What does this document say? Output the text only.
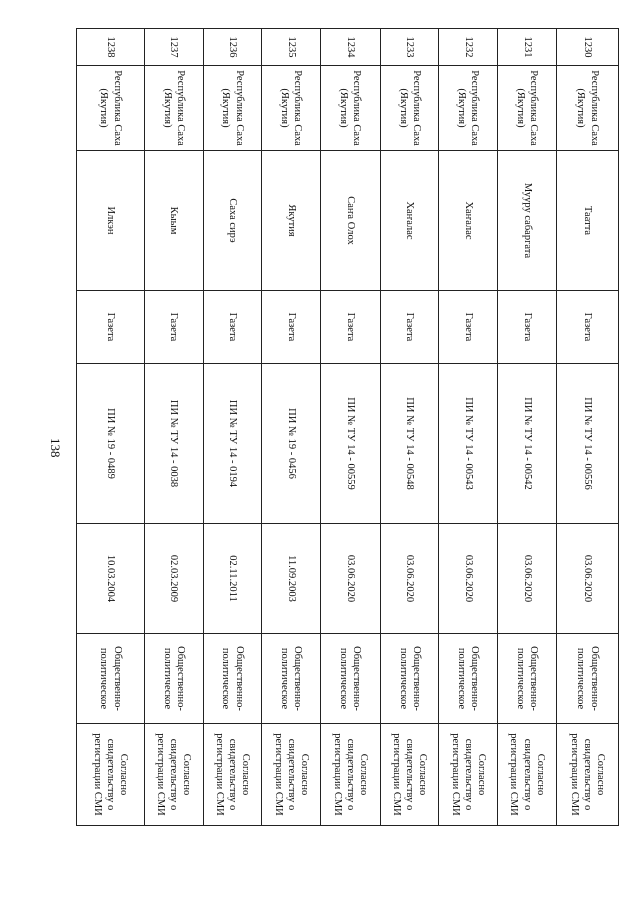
138
1230	Республика Саха (Якутия)	Таатта	Газета	ПИ № ТУ 14 - 00556	03.06.2020	Общественно-политическое	Согласно свидетельству о регистрации СМИ
1231	Республика Саха (Якутия)	Мууру сабаргата	Газета	ПИ № ТУ 14 - 00542	03.06.2020	Общественно-политическое	Согласно свидетельству о регистрации СМИ
1232	Республика Саха (Якутия)	Хаҥалас	Газета	ПИ № ТУ 14 - 00543	03.06.2020	Общественно-политическое	Согласно свидетельству о регистрации СМИ
1233	Республика Саха (Якутия)	Хаҥалас	Газета	ПИ № ТУ 14 - 00548	03.06.2020	Общественно-политическое	Согласно свидетельству о регистрации СМИ
1234	Республика Саха (Якутия)	Саҥа Олох	Газета	ПИ № ТУ 14 - 00559	03.06.2020	Общественно-политическое	Согласно свидетельству о регистрации СМИ
1235	Республика Саха (Якутия)	Якутия	Газета	ПИ № 19 - 0456	11.09.2003	Общественно-политическое	Согласно свидетельству о регистрации СМИ
1236	Республика Саха (Якутия)	Саха сирэ	Газета	ПИ № ТУ 14 - 0194	02.11.2011	Общественно-политическое	Согласно свидетельству о регистрации СМИ
1237	Республика Саха (Якутия)	Кыым	Газета	ПИ № ТУ 14 - 0038	02.03.2009	Общественно-политическое	Согласно свидетельству о регистрации СМИ
1238	Республика Саха (Якутия)	Илкэн	Газета	ПИ № 19 - 0489	10.03.2004	Общественно-политическое	Согласно свидетельству о регистрации СМИ
